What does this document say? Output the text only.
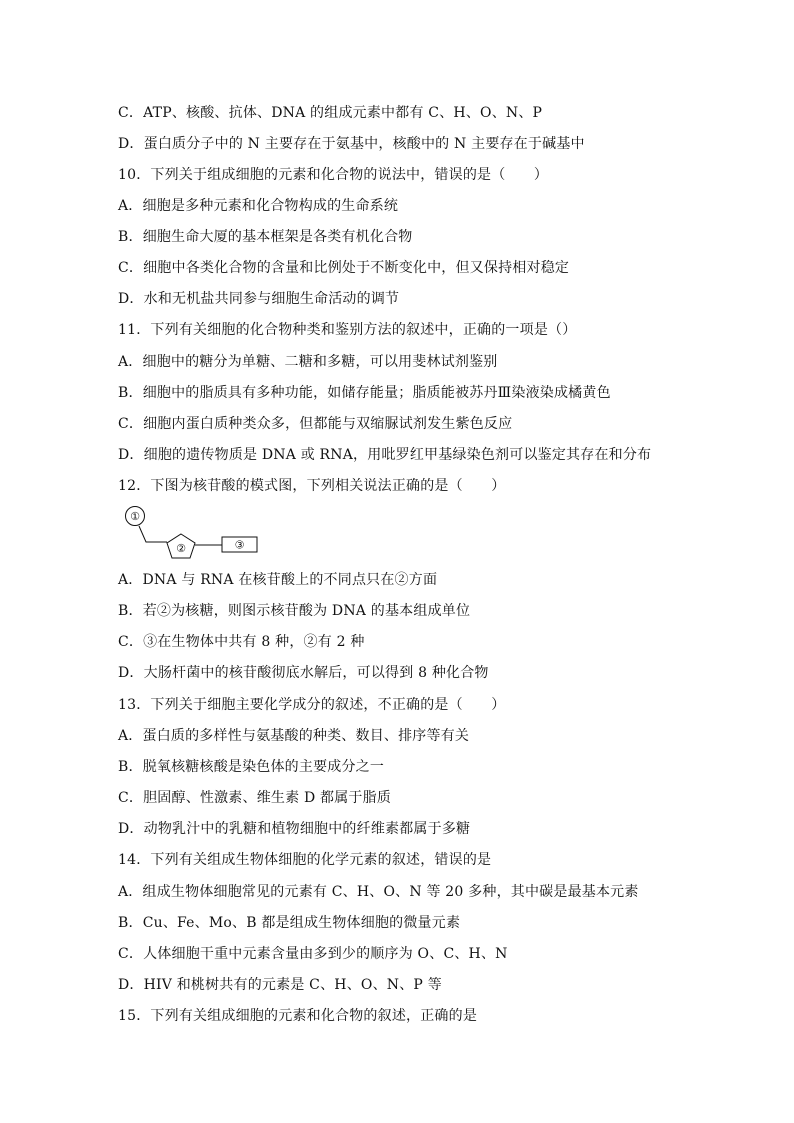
C．ATP、核酸、抗体、DNA 的组成元素中都有 C、H、O、N、P
D．蛋白质分子中的 N 主要存在于氨基中，核酸中的 N 主要存在于碱基中
10．下列关于组成细胞的元素和化合物的说法中，错误的是（　　）
A．细胞是多种元素和化合物构成的生命系统
B．细胞生命大厦的基本框架是各类有机化合物
C．细胞中各类化合物的含量和比例处于不断变化中，但又保持相对稳定
D．水和无机盐共同参与细胞生命活动的调节
11．下列有关细胞的化合物种类和鉴别方法的叙述中，正确的一项是（）
A．细胞中的糖分为单糖、二糖和多糖，可以用斐林试剂鉴别
B．细胞中的脂质具有多种功能，如储存能量；脂质能被苏丹Ⅲ染液染成橘黄色
C．细胞内蛋白质种类众多，但都能与双缩脲试剂发生紫色反应
D．细胞的遗传物质是 DNA 或 RNA，用吡罗红甲基绿染色剂可以鉴定其存在和分布
12．下图为核苷酸的模式图，下列相关说法正确的是（　　）
①
②	③
A．DNA 与 RNA 在核苷酸上的不同点只在②方面
B．若②为核糖，则图示核苷酸为 DNA 的基本组成单位
C．③在生物体中共有 8 种，②有 2 种
D．大肠杆菌中的核苷酸彻底水解后，可以得到 8 种化合物
13．下列关于细胞主要化学成分的叙述，不正确的是（　　）
A．蛋白质的多样性与氨基酸的种类、数目、排序等有关
B．脱氧核糖核酸是染色体的主要成分之一
C．胆固醇、性激素、维生素 D 都属于脂质
D．动物乳汁中的乳糖和植物细胞中的纤维素都属于多糖
14．下列有关组成生物体细胞的化学元素的叙述，错误的是
A．组成生物体细胞常见的元素有 C、H、O、N 等 20 多种，其中碳是最基本元素
B．Cu、Fe、Mo、B 都是组成生物体细胞的微量元素
C．人体细胞干重中元素含量由多到少的顺序为 O、C、H、N
D．HIV 和桃树共有的元素是 C、H、O、N、P 等
15．下列有关组成细胞的元素和化合物的叙述，正确的是
